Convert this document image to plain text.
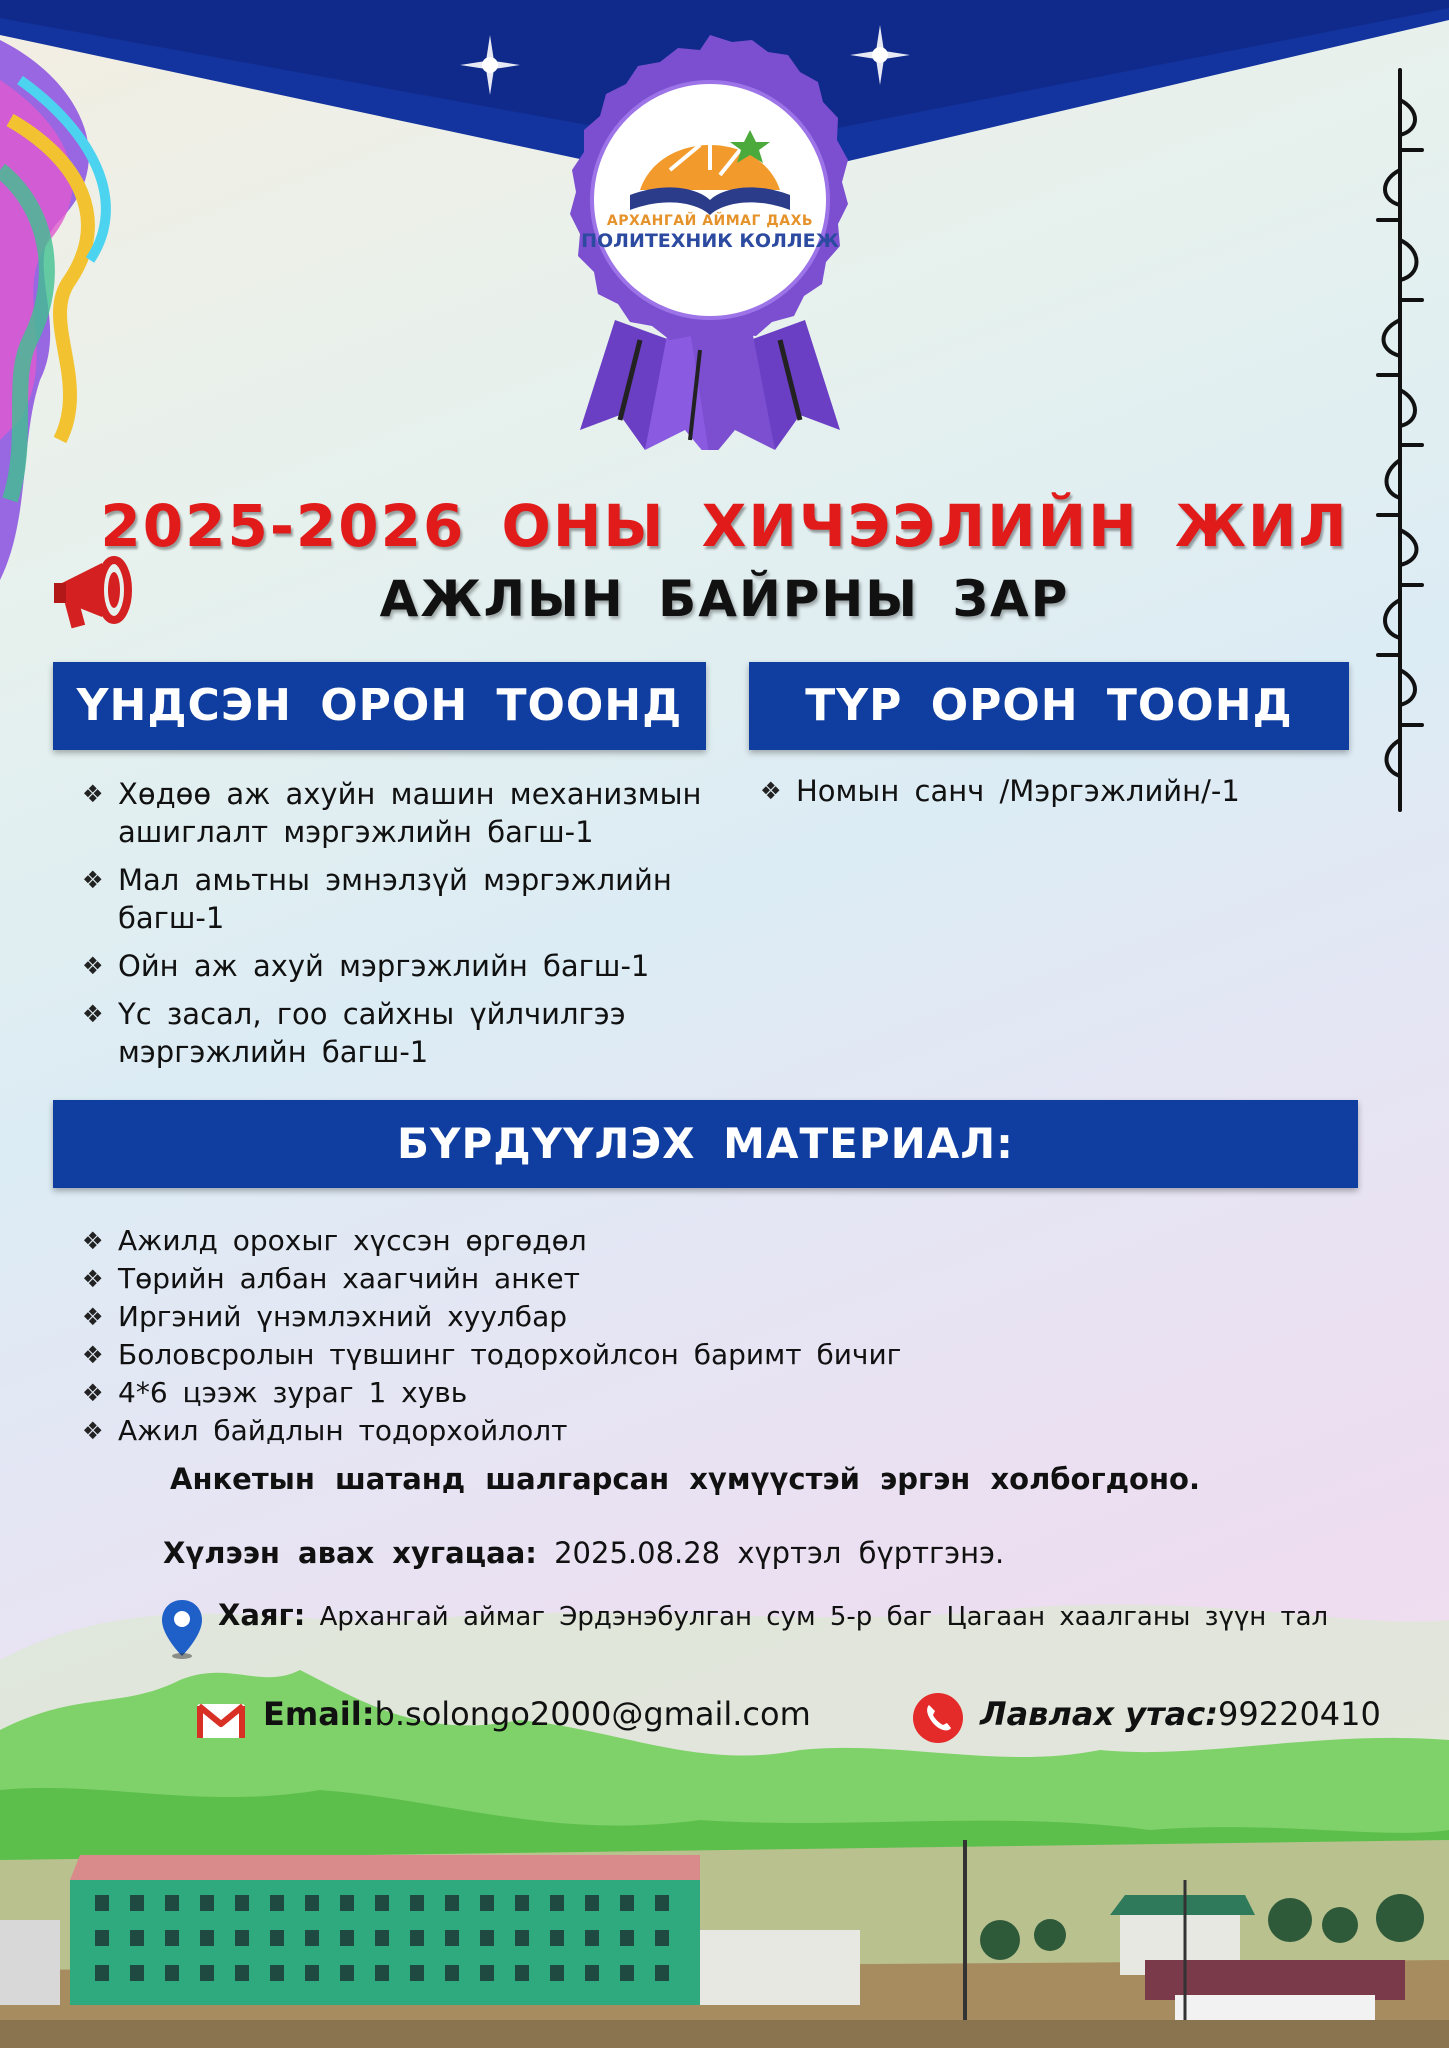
АРХАНГАЙ АЙМАГ ДАХЬ
ПОЛИТЕХНИК КОЛЛЕЖ
2025-2026 ОНЫ ХИЧЭЭЛИЙН ЖИЛ
АЖЛЫН БАЙРНЫ ЗАР
ҮНДСЭН ОРОН ТООНД	ТҮР ОРОН ТООНД
❖ Хөдөө аж ахуйн машин механизмын ашиглалт мэргэжлийн багш-1
❖ Мал амьтны эмнэлзүй мэргэжлийн багш-1
❖ Ойн аж ахуй мэргэжлийн багш-1
❖ Үс засал, гоо сайхны үйлчилгээ мэргэжлийн багш-1
❖ Номын санч /Мэргэжлийн/-1
БҮРДҮҮЛЭХ МАТЕРИАЛ:
❖ Ажилд орохыг хүссэн өргөдөл
❖ Төрийн албан хаагчийн анкет
❖ Иргэний үнэмлэхний хуулбар
❖ Боловсролын түвшинг тодорхойлсон баримт бичиг
❖ 4*6 цээж зураг 1 хувь
❖ Ажил байдлын тодорхойлолт
Анкетын шатанд шалгарсан хүмүүстэй эргэн холбогдоно.
Хүлээн авах хугацаа: 2025.08.28 хүртэл бүртгэнэ.
Хаяг: Архангай аймаг Эрдэнэбулган сум 5-р баг Цагаан хаалганы зүүн тал
Email:b.solongo2000@gmail.com	Лавлах утас:99220410
